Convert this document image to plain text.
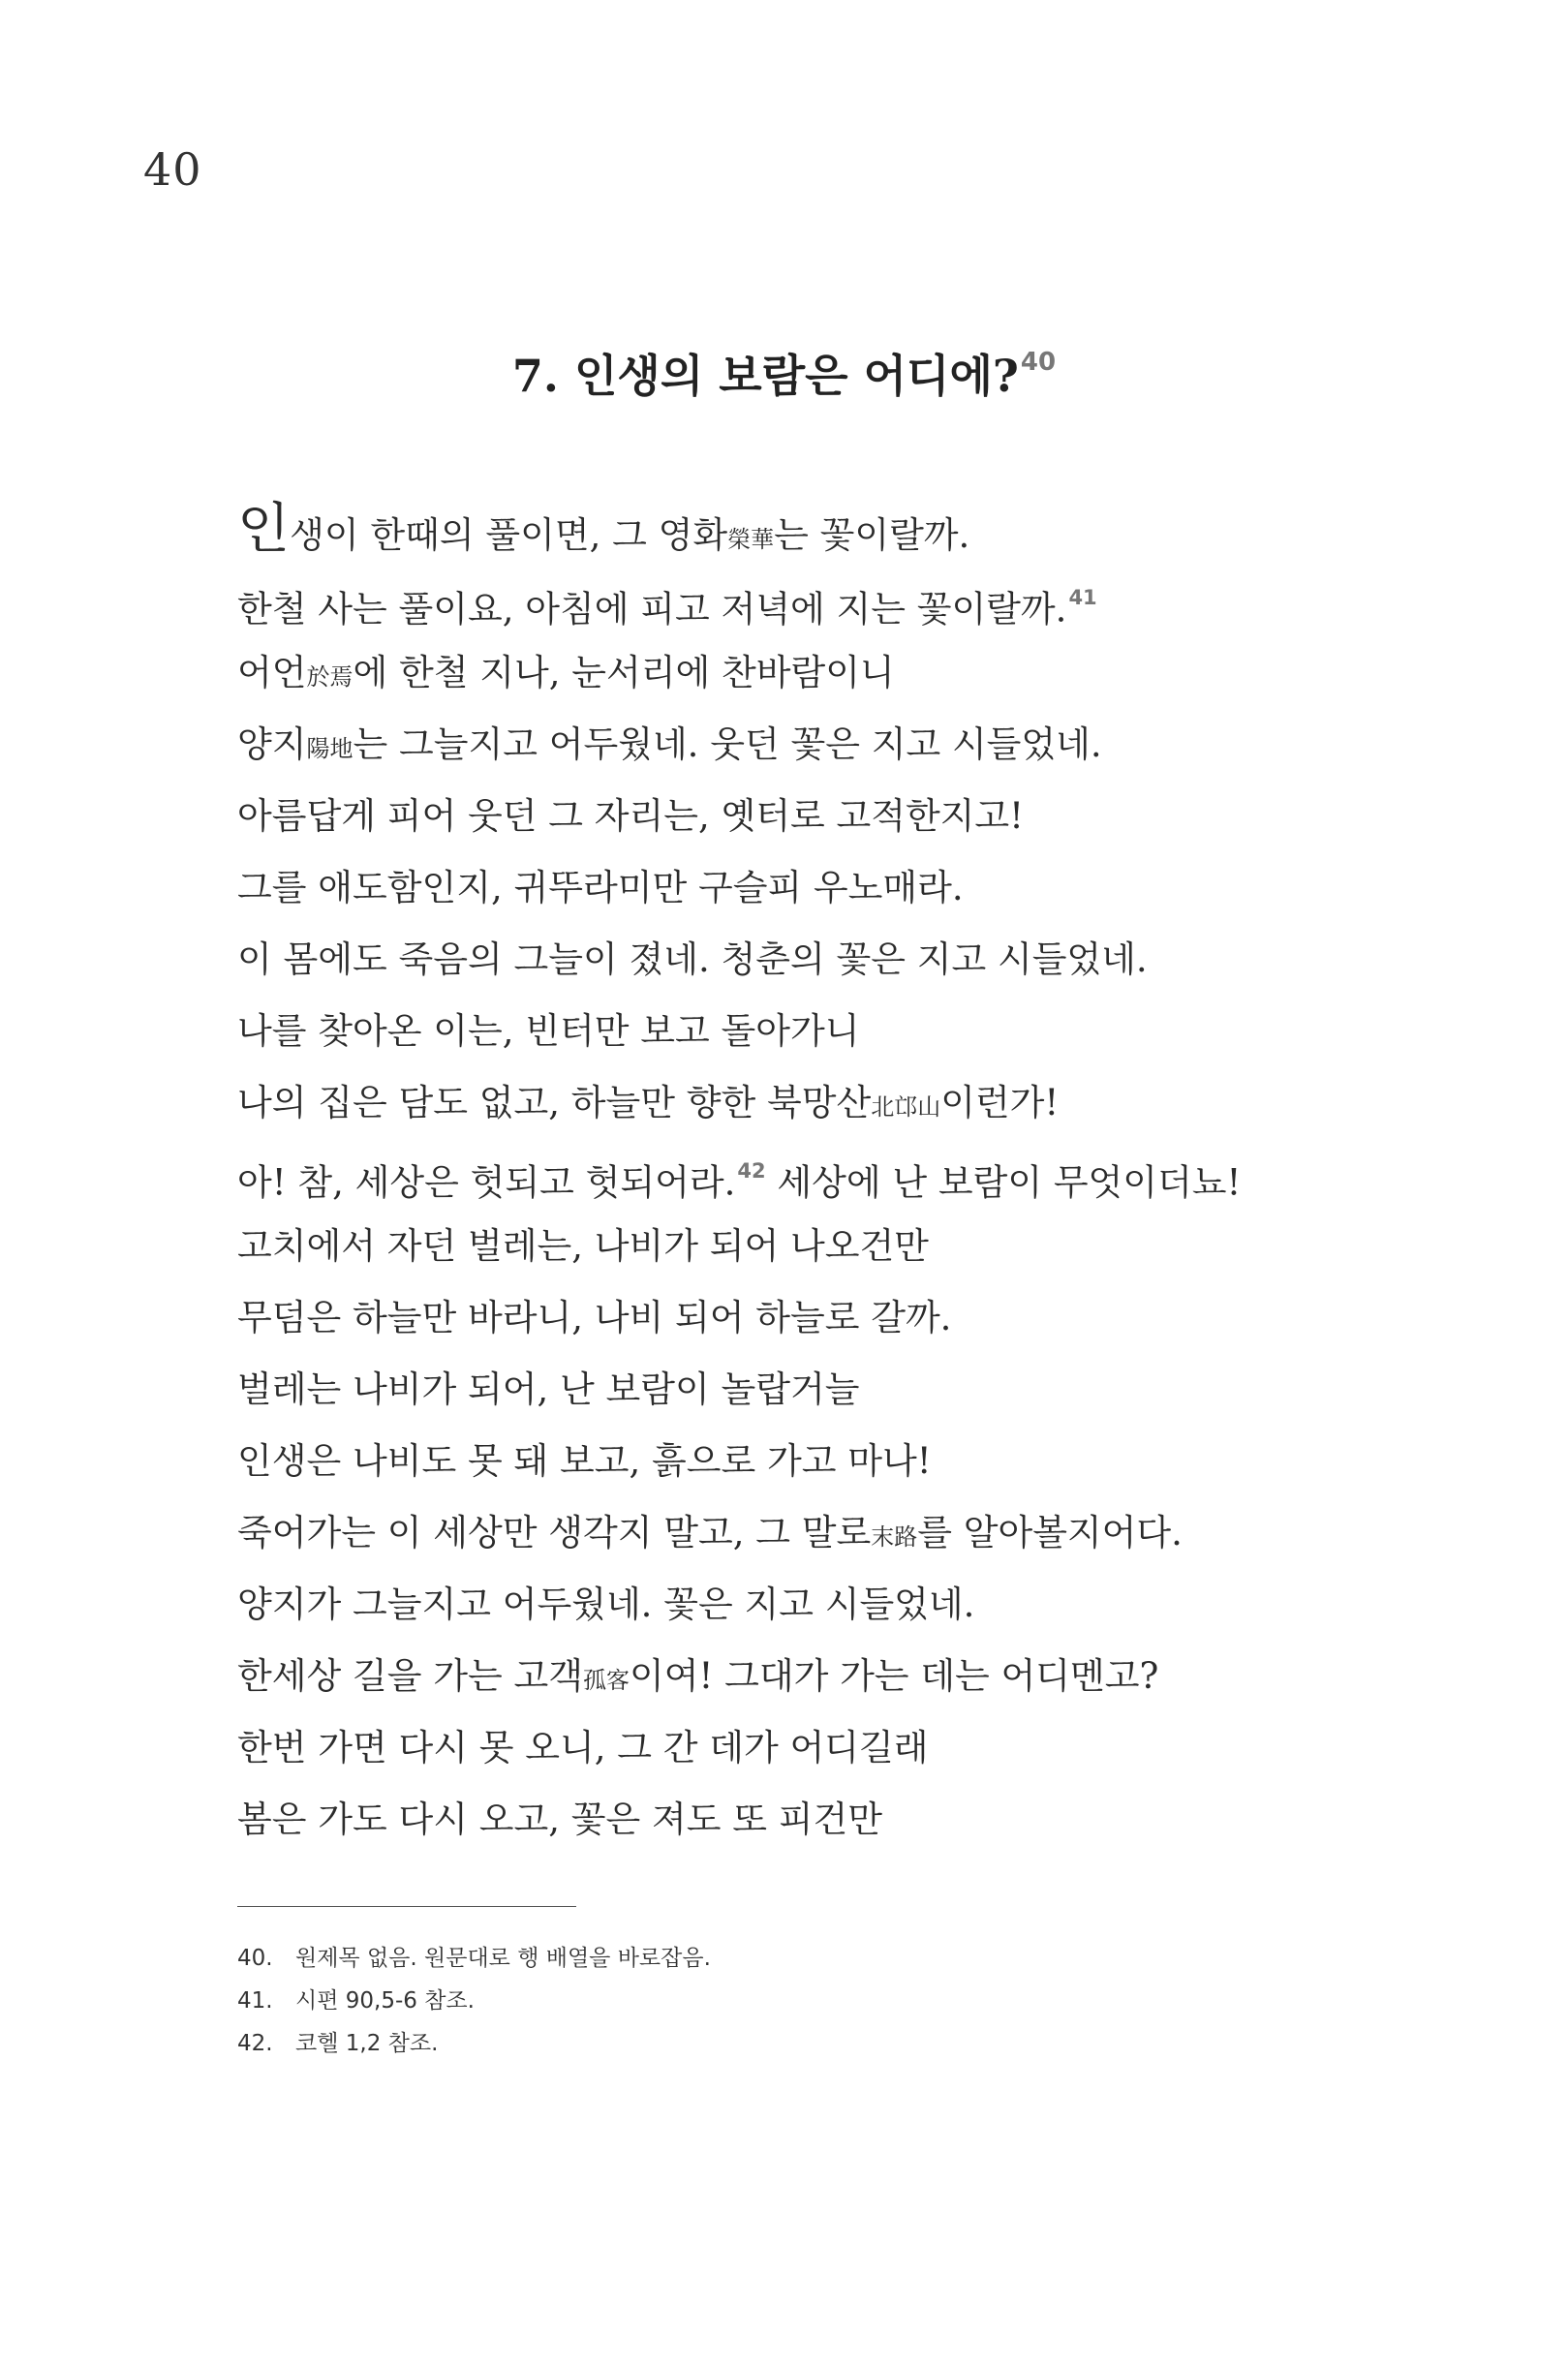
40
7. 인생의 보람은 어디에?$^{40}$
인생이 한때의 풀이면, 그 영화榮華는 꽃이랄까.
한철 사는 풀이요, 아침에 피고 저녁에 지는 꽃이랄까.$^{41}$
어언於焉에 한철 지나, 눈서리에 찬바람이니
양지陽地는 그늘지고 어두웠네. 웃던 꽃은 지고 시들었네.
아름답게 피어 웃던 그 자리는, 옛터로 고적한지고!
그를 애도함인지, 귀뚜라미만 구슬피 우노매라.
이 몸에도 죽음의 그늘이 졌네. 청춘의 꽃은 지고 시들었네.
나를 찾아온 이는, 빈터만 보고 돌아가니
나의 집은 담도 없고, 하늘만 향한 북망산北邙山이런가!
아! 참, 세상은 헛되고 헛되어라.$^{42}$ 세상에 난 보람이 무엇이더뇨!
고치에서 자던 벌레는, 나비가 되어 나오건만
무덤은 하늘만 바라니, 나비 되어 하늘로 갈까.
벌레는 나비가 되어, 난 보람이 놀랍거늘
인생은 나비도 못 돼 보고, 흙으로 가고 마나!
죽어가는 이 세상만 생각지 말고, 그 말로末路를 알아볼지어다.
양지가 그늘지고 어두웠네. 꽃은 지고 시들었네.
한세상 길을 가는 고객孤客이여! 그대가 가는 데는 어디멘고?
한번 가면 다시 못 오니, 그 간 데가 어디길래
봄은 가도 다시 오고, 꽃은 져도 또 피건만
40. 원제목 없음. 원문대로 행 배열을 바로잡음.
41. 시편 90,5-6 참조.
42. 코헬 1,2 참조.
